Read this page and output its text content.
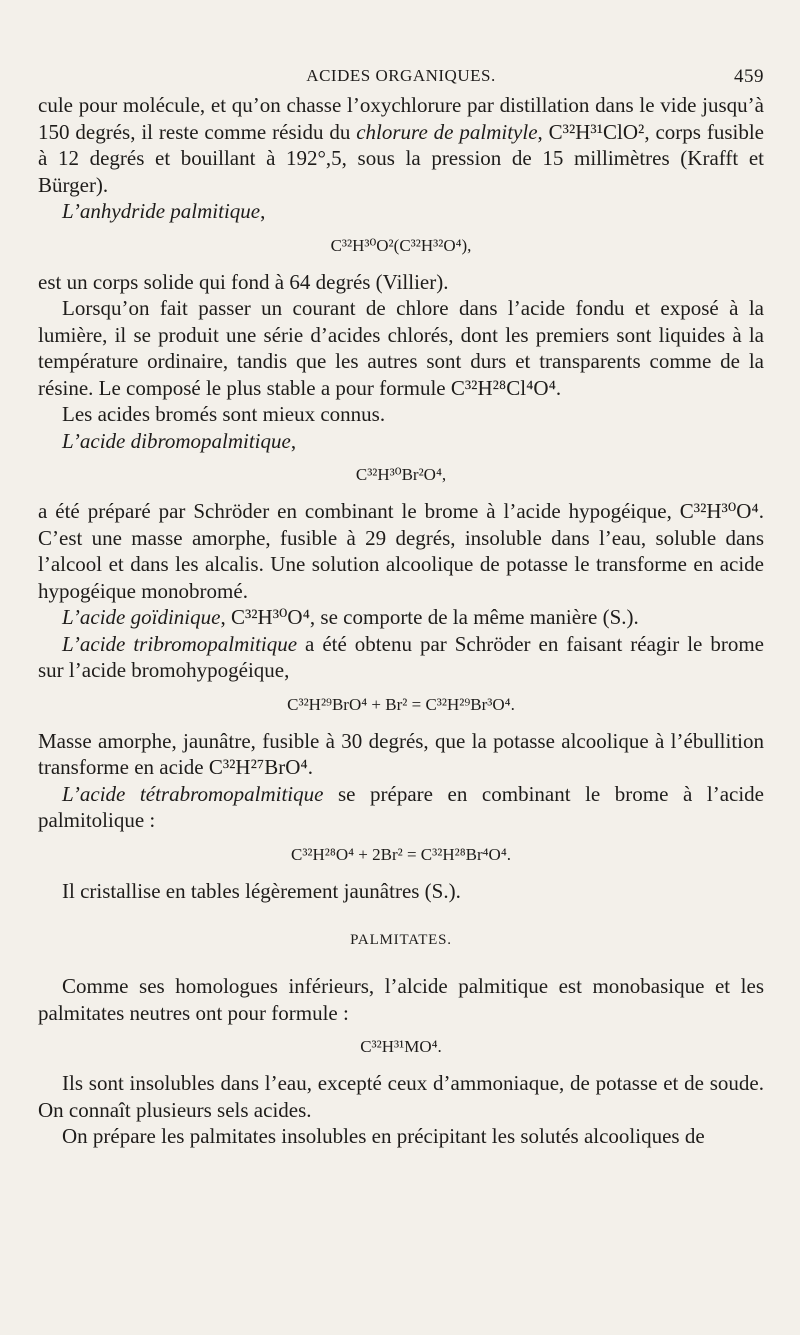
ACIDES ORGANIQUES.	459

cule pour molécule, et qu’on chasse l’oxychlorure par distillation dans le vide jusqu’à 150 degrés, il reste comme résidu du chlorure de palmityle, C³²H³¹ClO², corps fusible à 12 degrés et bouillant à 192°,5, sous la pression de 15 millimètres (Krafft et Bürger).

L’anhydride palmitique,

C³²H³⁰O²(C³²H³²O⁴),

est un corps solide qui fond à 64 degrés (Villier).

Lorsqu’on fait passer un courant de chlore dans l’acide fondu et exposé à la lumière, il se produit une série d’acides chlorés, dont les premiers sont liquides à la température ordinaire, tandis que les autres sont durs et transparents comme de la résine. Le composé le plus stable a pour formule C³²H²⁸Cl⁴O⁴.

Les acides bromés sont mieux connus.

L’acide dibromopalmitique,

C³²H³⁰Br²O⁴,

a été préparé par Schröder en combinant le brome à l’acide hypogéique, C³²H³⁰O⁴. C’est une masse amorphe, fusible à 29 degrés, insoluble dans l’eau, soluble dans l’alcool et dans les alcalis. Une solution alcoolique de potasse le transforme en acide hypogéique monobromé.

L’acide goïdinique, C³²H³⁰O⁴, se comporte de la même manière (S.).

L’acide tribromopalmitique a été obtenu par Schröder en faisant réagir le brome sur l’acide bromohypogéique,

C³²H²⁹BrO⁴ + Br² = C³²H²⁹Br³O⁴.

Masse amorphe, jaunâtre, fusible à 30 degrés, que la potasse alcoolique à l’ébullition transforme en acide C³²H²⁷BrO⁴.

L’acide tétrabromopalmitique se prépare en combinant le brome à l’acide palmitolique :

C³²H²⁸O⁴ + 2Br² = C³²H²⁸Br⁴O⁴.

Il cristallise en tables légèrement jaunâtres (S.).

PALMITATES.

Comme ses homologues inférieurs, l’alcide palmitique est monobasique et les palmitates neutres ont pour formule :

C³²H³¹MO⁴.

Ils sont insolubles dans l’eau, excepté ceux d’ammoniaque, de potasse et de soude. On connaît plusieurs sels acides.

On prépare les palmitates insolubles en précipitant les solutés alcooliques de
